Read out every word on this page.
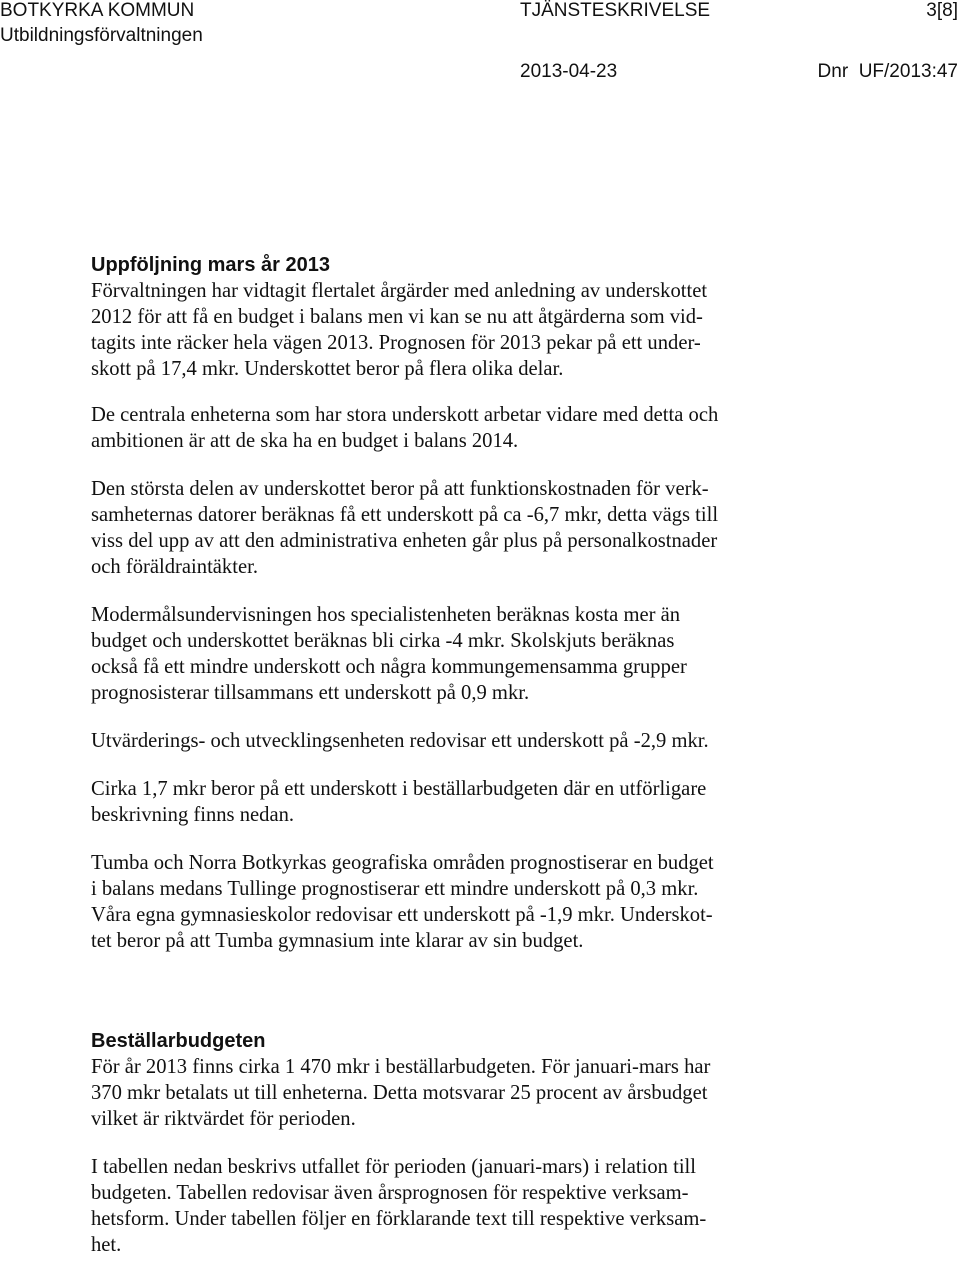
BOTKYRKA KOMMUN
Utbildningsförvaltningen
TJÄNSTESKRIVELSE	3[8]
2013-04-23	Dnr  UF/2013:47
Uppföljning mars år 2013

Förvaltningen har vidtagit flertalet årgärder med anledning av underskottet
2012 för att få en budget i balans men vi kan se nu att åtgärderna som vid-
tagits inte räcker hela vägen 2013. Prognosen för 2013 pekar på ett under-
skott på 17,4 mkr. Underskottet beror på flera olika delar.

De centrala enheterna som har stora underskott arbetar vidare med detta och
ambitionen är att de ska ha en budget i balans 2014.

Den största delen av underskottet beror på att funktionskostnaden för verk-
samheternas datorer beräknas få ett underskott på ca -6,7 mkr, detta vägs till
viss del upp av att den administrativa enheten går plus på personalkostnader
och föräldraintäkter.

Modermålsundervisningen hos specialistenheten beräknas kosta mer än
budget och underskottet beräknas bli cirka -4 mkr. Skolskjuts beräknas
också få ett mindre underskott och några kommungemensamma grupper
prognosisterar tillsammans ett underskott på 0,9 mkr.

Utvärderings- och utvecklingsenheten redovisar ett underskott på -2,9 mkr.

Cirka 1,7 mkr beror på ett underskott i beställarbudgeten där en utförligare
beskrivning finns nedan.

Tumba och Norra Botkyrkas geografiska områden prognostiserar en budget
i balans medans Tullinge prognostiserar ett mindre underskott på 0,3 mkr.
Våra egna gymnasieskolor redovisar ett underskott på -1,9 mkr. Underskot-
tet beror på att Tumba gymnasium inte klarar av sin budget.

Beställarbudgeten

För år 2013 finns cirka 1 470 mkr i beställarbudgeten. För januari-mars har
370 mkr betalats ut till enheterna. Detta motsvarar 25 procent av årsbudget
vilket är riktvärdet för perioden.

I tabellen nedan beskrivs utfallet för perioden (januari-mars) i relation till
budgeten. Tabellen redovisar även årsprognosen för respektive verksam-
hetsform. Under tabellen följer en förklarande text till respektive verksam-
het.
